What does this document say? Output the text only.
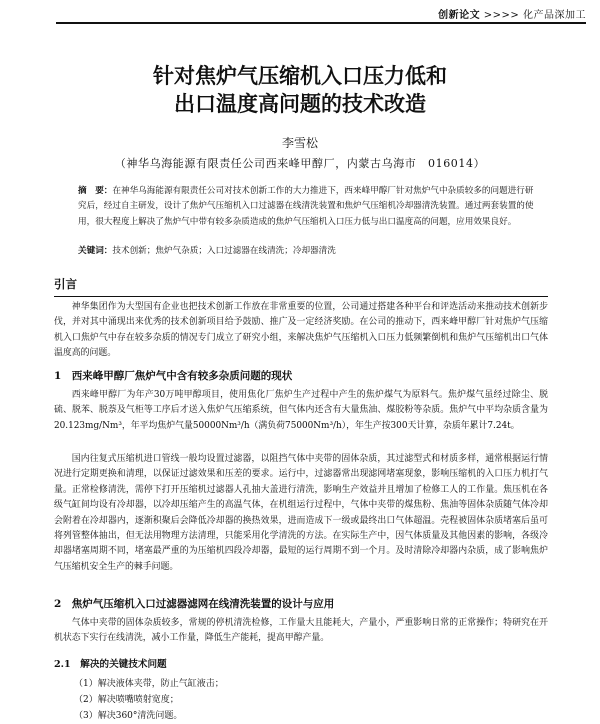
创新论文 >>>> 化产品深加工
针对焦炉气压缩机入口压力低和
出口温度高问题的技术改造
李雪松
（神华乌海能源有限责任公司西来峰甲醇厂，内蒙古乌海市　016014）
摘　要：在神华乌海能源有限责任公司对技术创新工作的大力推进下，西来峰甲醇厂针对焦炉气中杂质较多的问题进行研究后，经过自主研发，设计了焦炉气压缩机入口过滤器在线清洗装置和焦炉气压缩机冷却器清洗装置。通过两套装置的使用，很大程度上解决了焦炉气中带有较多杂质造成的焦炉气压缩机入口压力低与出口温度高的问题，应用效果良好。
关键词：技术创新；焦炉气杂质；入口过滤器在线清洗；冷却器清洗
引言
神华集团作为大型国有企业也把技术创新工作放在非常重要的位置，公司通过搭建各种平台和评选活动来推动技术创新步伐，并对其中涌现出来优秀的技术创新项目给予鼓励、推广及一定经济奖励。在公司的推动下，西来峰甲醇厂针对焦炉气压缩机入口焦炉气中存在较多杂质的情况专门成立了研究小组，来解决焦炉气压缩机入口压力低频繁倒机和焦炉气压缩机出口气体温度高的问题。
1　西来峰甲醇厂焦炉气中含有较多杂质问题的现状
西来峰甲醇厂为年产30万吨甲醇项目，使用焦化厂焦炉生产过程中产生的焦炉煤气为原料气。焦炉煤气虽经过除尘、脱硫、脱苯、脱萘及气柜等工序后才送入焦炉气压缩系统，但气体内还含有大量焦油、煤胶粉等杂质。焦炉气中平均杂质含量为20.123mg/Nm³，年平均焦炉气量50000Nm³/h（满负荷75000Nm³/h），年生产按300天计算，杂质年累计7.24t。
国内往复式压缩机进口管线一般均设置过滤器，以阻挡气体中夹带的固体杂质，其过滤型式和材质多样，通常根据运行情况进行定期更换和清理，以保证过滤效果和压差的要求。运行中，过滤器常出现滤网堵塞现象，影响压缩机的入口压力机打气量。正常检修清洗，需停下打开压缩机过滤器人孔抽大盖进行清洗，影响生产效益并且增加了检修工人的工作量。焦压机在各级气缸间均设有冷却器，以冷却压缩产生的高温气体，在机组运行过程中，气体中夹带的煤焦粉、焦油等固体杂质随气体冷却会附着在冷却器内，逐渐积聚后会降低冷却器的换热效果，进而造成下一级或最终出口气体超温。壳程被固体杂质堵塞后虽可将列管整体抽出，但无法用物理方法清理，只能采用化学清洗的方法。在实际生产中，因气体质量及其他因素的影响，各级冷却器堵塞周期不同，堵塞最严重的为压缩机四段冷却器，最短的运行周期不到一个月。及时清除冷却器内杂质，成了影响焦炉气压缩机安全生产的棘手问题。
2　焦炉气压缩机入口过滤器滤网在线清洗装置的设计与应用
气体中夹带的固体杂质较多，常规的停机清洗检修，工作量大且能耗大，产量小，严重影响日常的正常操作；特研究在开机状态下实行在线清洗，减小工作量，降低生产能耗，提高甲醇产量。
2.1　解决的关键技术问题
（1）解决液体夹带，防止气缸液击；
（2）解决喷嘴喷射宽度；
（3）解决360°清洗问题。
